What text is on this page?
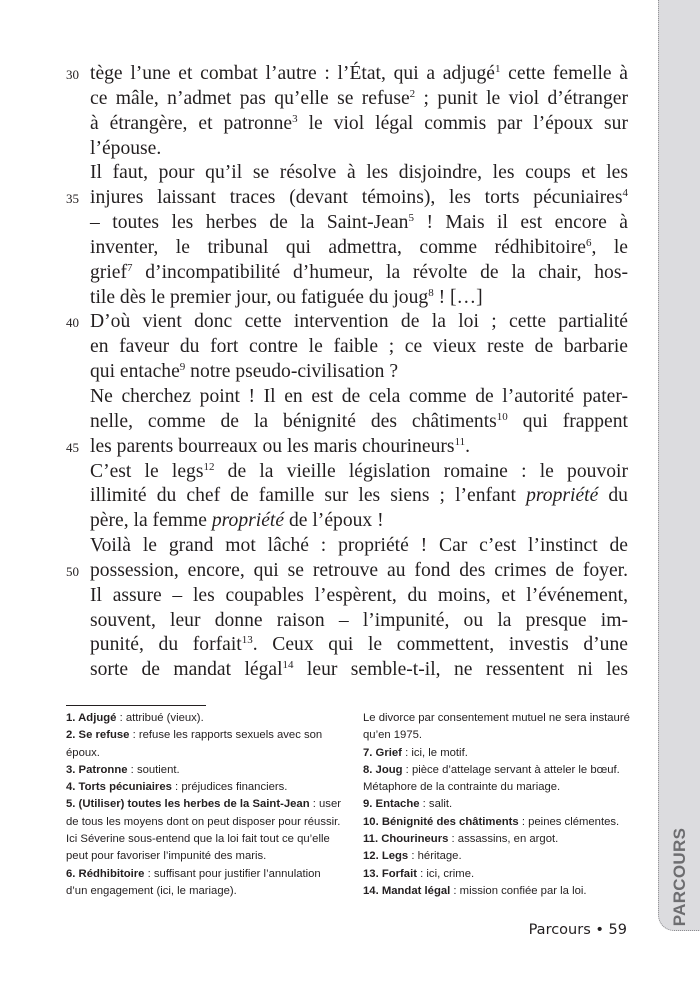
PARCOURS
30 tège l’une et combat l’autre : l’État, qui a adjugé$^1$ cette femelle à
ce mâle, n’admet pas qu’elle se refuse$^2$ ; punit le viol d’étranger
à étrangère, et patronne$^3$ le viol légal commis par l’époux sur
l’épouse.
Il faut, pour qu’il se résolve à les disjoindre, les coups et les
35 injures laissant traces (devant témoins), les torts pécuniaires$^4$
– toutes les herbes de la Saint-Jean$^5$ ! Mais il est encore à
inventer, le tribunal qui admettra, comme rédhibitoire$^6$, le
grief$^7$ d’incompatibilité d’humeur, la révolte de la chair, hos-
tile dès le premier jour, ou fatiguée du joug$^8$ ! […]
40 D’où vient donc cette intervention de la loi ; cette partialité
en faveur du fort contre le faible ; ce vieux reste de barbarie
qui entache$^9$ notre pseudo-civilisation ?
Ne cherchez point ! Il en est de cela comme de l’autorité pater-
nelle, comme de la bénignité des châtiments$^{10}$ qui frappent
45 les parents bourreaux ou les maris chourineurs$^{11}$.
C’est le legs$^{12}$ de la vieille législation romaine : le pouvoir
illimité du chef de famille sur les siens ; l’enfant propriété du
père, la femme propriété de l’époux !
Voilà le grand mot lâché : propriété ! Car c’est l’instinct de
50 possession, encore, qui se retrouve au fond des crimes de foyer.
Il assure – les coupables l’espèrent, du moins, et l’événement,
souvent, leur donne raison – l’impunité, ou la presque im-
punité, du forfait$^{13}$. Ceux qui le commettent, investis d’une
sorte de mandat légal$^{14}$ leur semble-t-il, ne ressentent ni les
1. Adjugé : attribué (vieux).
2. Se refuse : refuse les rapports sexuels avec son époux.
3. Patronne : soutient.
4. Torts pécuniaires : préjudices financiers.
5. (Utiliser) toutes les herbes de la Saint-Jean : user de tous les moyens dont on peut disposer pour réussir. Ici Séverine sous-entend que la loi fait tout ce qu’elle peut pour favoriser l’impunité des maris.
6. Rédhibitoire : suffisant pour justifier l’annulation d’un engagement (ici, le mariage).
Le divorce par consentement mutuel ne sera instauré qu’en 1975.
7. Grief : ici, le motif.
8. Joug : pièce d’attelage servant à atteler le bœuf. Métaphore de la contrainte du mariage.
9. Entache : salit.
10. Bénignité des châtiments : peines clémentes.
11. Chourineurs : assassins, en argot.
12. Legs : héritage.
13. Forfait : ici, crime.
14. Mandat légal : mission confiée par la loi.
Parcours • 59
